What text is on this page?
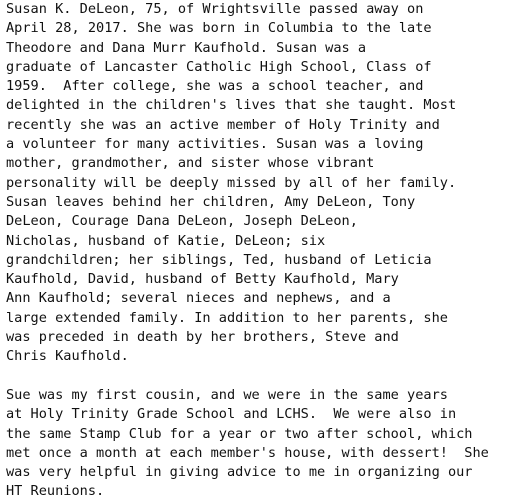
Susan K. DeLeon, 75, of Wrightsville passed away on
April 28, 2017. She was born in Columbia to the late
Theodore and Dana Murr Kaufhold. Susan was a
graduate of Lancaster Catholic High School, Class of
1959.  After college, she was a school teacher, and
delighted in the children's lives that she taught. Most
recently she was an active member of Holy Trinity and
a volunteer for many activities. Susan was a loving
mother, grandmother, and sister whose vibrant
personality will be deeply missed by all of her family.
Susan leaves behind her children, Amy DeLeon, Tony
DeLeon, Courage Dana DeLeon, Joseph DeLeon,
Nicholas, husband of Katie, DeLeon; six
grandchildren; her siblings, Ted, husband of Leticia
Kaufhold, David, husband of Betty Kaufhold, Mary
Ann Kaufhold; several nieces and nephews, and a
large extended family. In addition to her parents, she
was preceded in death by her brothers, Steve and
Chris Kaufhold.
Sue was my first cousin, and we were in the same years
at Holy Trinity Grade School and LCHS.  We were also in
the same Stamp Club for a year or two after school, which
met once a month at each member's house, with dessert!  She
was very helpful in giving advice to me in organizing our
HT Reunions.
